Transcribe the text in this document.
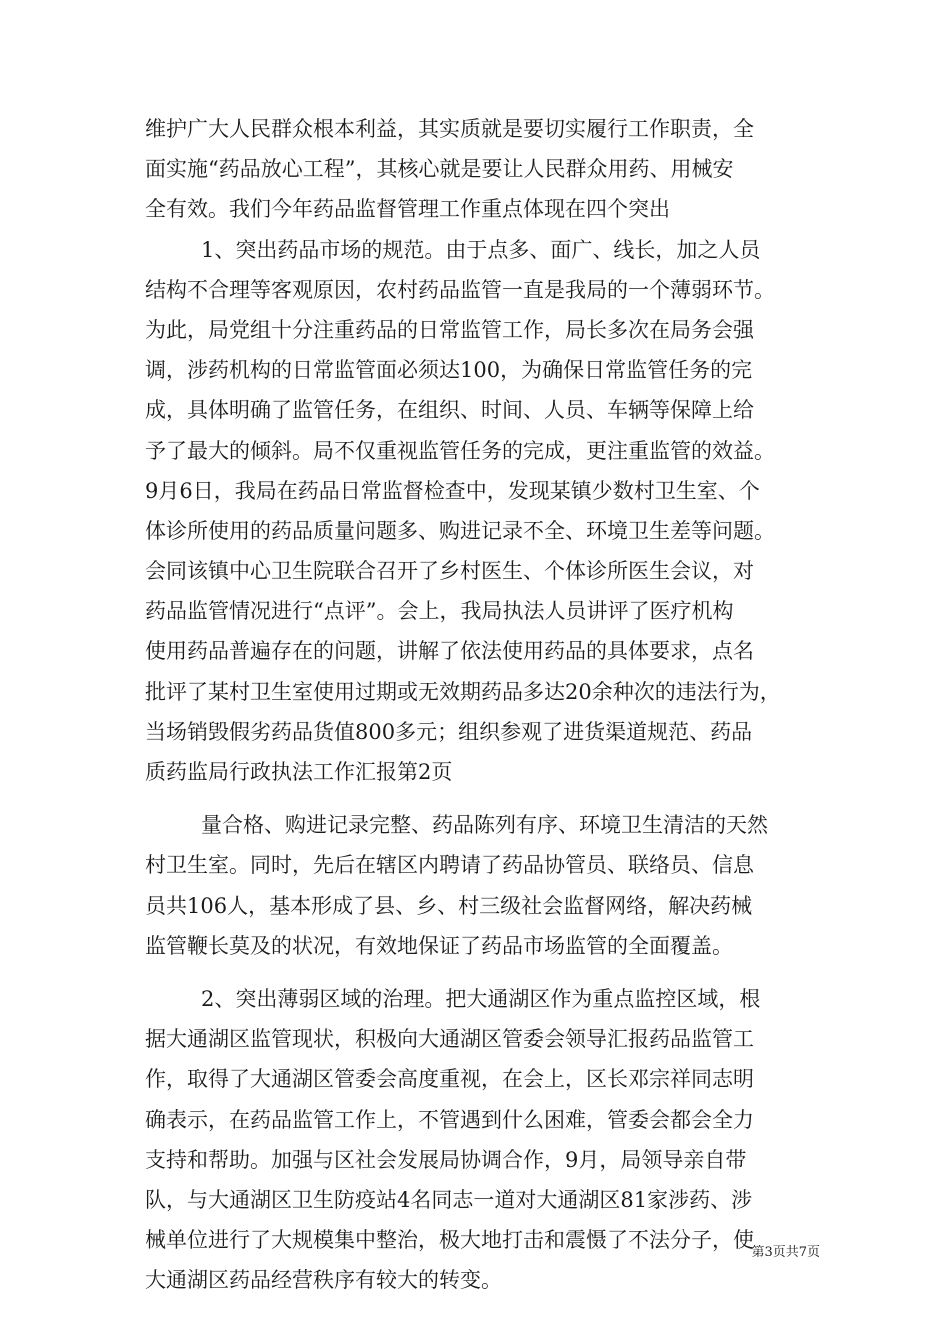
维护广大人民群众根本利益，其实质就是要切实履行工作职责，全
面实施“药品放心工程”，其核心就是要让人民群众用药、用械安
全有效。我们今年药品监督管理工作重点体现在四个突出
1、突出药品市场的规范。由于点多、面广、线长，加之人员
结构不合理等客观原因，农村药品监管一直是我局的一个薄弱环节。
为此，局党组十分注重药品的日常监管工作，局长多次在局务会强
调，涉药机构的日常监管面必须达100，为确保日常监管任务的完
成，具体明确了监管任务，在组织、时间、人员、车辆等保障上给
予了最大的倾斜。局不仅重视监管任务的完成，更注重监管的效益。
9月6日，我局在药品日常监督检查中，发现某镇少数村卫生室、个
体诊所使用的药品质量问题多、购进记录不全、环境卫生差等问题。
会同该镇中心卫生院联合召开了乡村医生、个体诊所医生会议，对
药品监管情况进行“点评”。会上，我局执法人员讲评了医疗机构
使用药品普遍存在的问题，讲解了依法使用药品的具体要求，点名
批评了某村卫生室使用过期或无效期药品多达20余种次的违法行为，
当场销毁假劣药品货值800多元；组织参观了进货渠道规范、药品
质药监局行政执法工作汇报第2页
量合格、购进记录完整、药品陈列有序、环境卫生清洁的天然
村卫生室。同时，先后在辖区内聘请了药品协管员、联络员、信息
员共106人，基本形成了县、乡、村三级社会监督网络，解决药械
监管鞭长莫及的状况，有效地保证了药品市场监管的全面覆盖。
2、突出薄弱区域的治理。把大通湖区作为重点监控区域，根
据大通湖区监管现状，积极向大通湖区管委会领导汇报药品监管工
作，取得了大通湖区管委会高度重视，在会上，区长邓宗祥同志明
确表示，在药品监管工作上，不管遇到什么困难，管委会都会全力
支持和帮助。加强与区社会发展局协调合作，9月，局领导亲自带
队，与大通湖区卫生防疫站4名同志一道对大通湖区81家涉药、涉
械单位进行了大规模集中整治，极大地打击和震慑了不法分子，使
大通湖区药品经营秩序有较大的转变。
第3页共7页
